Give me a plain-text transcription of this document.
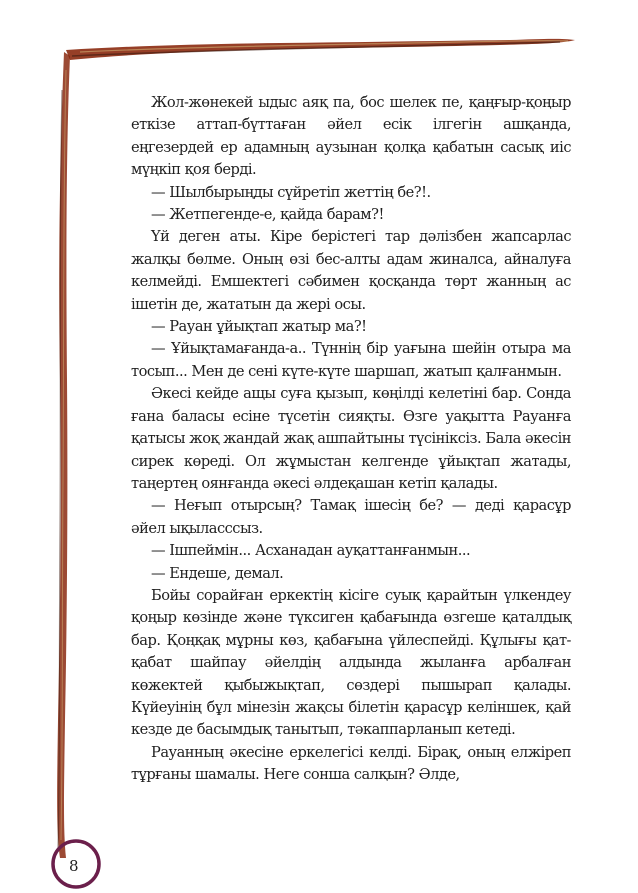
Жол-жөнекей ыдыс аяқ па, бос шелек пе, қаңғыр-қоңыр еткізе аттап-бүттаған әйел есік ілгегін ашқанда, еңгезердей ер адамның аузынан қолқа қабатын сасық иіс мүңкіп қоя берді.

— Шылбырыңды сүйретіп жеттің бе?!.

— Жетпегенде-е, қайда барам?!

Үй деген аты. Кіре берістегі тар дәлізбен жапсарлас жалқы бөлме. Оның өзі бес-алты адам жиналса, айналуға келмейді. Емшектегі сәбимен қосқанда төрт жанның ас ішетін де, жататын да жері осы.

— Рауан ұйықтап жатыр ма?!

— Ұйықтамағанда-а.. Түннің бір уағына шейін отыра ма тосып... Мен де сені күте-күте шаршап, жатып қалғанмын.

Әкесі кейде ащы суға қызып, көңілді келетіні бар. Сонда ғана баласы есіне түсетін сияқты. Өзге уақытта Рауанға қатысы жоқ жандай жақ ашпайтыны түсініксіз. Бала әкесін сирек көреді. Ол жұмыстан келгенде ұйықтап жатады, таңертең оянғанда әкесі әлдеқашан кетіп қалады.

— Неғып отырсың? Тамақ ішесің бе? — деді қарасұр әйел ықыласссыз.

— Ішпеймін... Асханадан ауқаттанғанмын...

— Ендеше, демал.

Бойы сорайған еркектің кісіге суық қарайтын үлкендеу қоңыр көзінде және түксиген қабағында өзгеше қаталдық бар. Қоңқақ мұрны көз, қабағына үйлеспейді. Құлығы қат-қабат шайпау әйелдің алдында жыланға арбалған көжектей қыбыжықтап, сөздері пышырап қалады. Күйеуінің бұл мінезін жақсы білетін қарасұр келіншек, қай кезде де басымдық танытып, тәкаппарланып кетеді.

Рауанның әкесіне еркелегісі келді. Бірақ, оның елжіреп тұрғаны шамалы. Неге сонша салқын? Әлде,

8
